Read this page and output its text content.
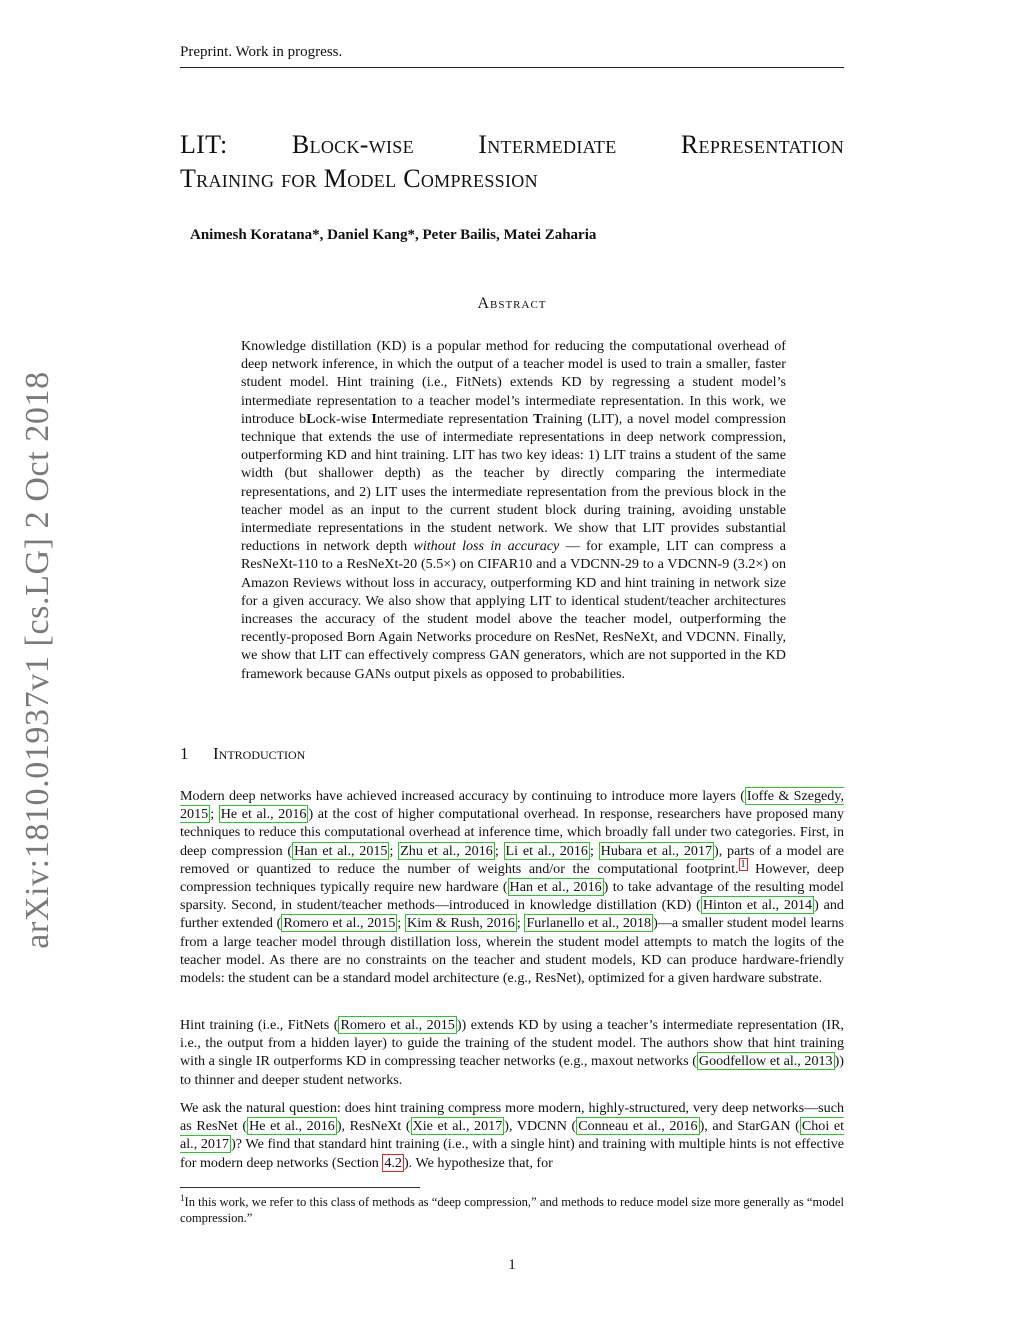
Preprint. Work in progress.
arXiv:1810.01937v1 [cs.LG] 2 Oct 2018
LIT: Block-wise Intermediate Representation
Training for Model Compression
Animesh Koratana*, Daniel Kang*, Peter Bailis, Matei Zaharia
Abstract
Knowledge distillation (KD) is a popular method for reducing the computational overhead of deep network inference, in which the output of a teacher model is used to train a smaller, faster student model. Hint training (i.e., FitNets) extends KD by regressing a student model’s intermediate representation to a teacher model’s intermediate representation. In this work, we introduce bLock-wise Intermediate representation Training (LIT), a novel model compression technique that extends the use of intermediate representations in deep network compression, outperforming KD and hint training. LIT has two key ideas: 1) LIT trains a student of the same width (but shallower depth) as the teacher by directly comparing the intermediate representations, and 2) LIT uses the intermediate representation from the previous block in the teacher model as an input to the current student block during training, avoiding unstable intermediate representations in the student network. We show that LIT provides substantial reductions in network depth without loss in accuracy — for example, LIT can compress a ResNeXt-110 to a ResNeXt-20 (5.5×) on CIFAR10 and a VDCNN-29 to a VDCNN-9 (3.2×) on Amazon Reviews without loss in accuracy, outperforming KD and hint training in network size for a given accuracy. We also show that applying LIT to identical student/teacher architectures increases the accuracy of the student model above the teacher model, outperforming the recently-proposed Born Again Networks procedure on ResNet, ResNeXt, and VDCNN. Finally, we show that LIT can effectively compress GAN generators, which are not supported in the KD framework because GANs output pixels as opposed to probabilities.
1 Introduction
Modern deep networks have achieved increased accuracy by continuing to introduce more layers ( Ioffe & Szegedy, 2015 ; He et al., 2016 ) at the cost of higher computational overhead. In response, researchers have proposed many techniques to reduce this computational overhead at inference time, which broadly fall under two categories. First, in deep compression ( Han et al., 2015 ; Zhu et al., 2016 ; Li et al., 2016 ; Hubara et al., 2017 ), parts of a model are removed or quantized to reduce the number of weights and/or the computational footprint. $^1$ However, deep compression techniques typically require new hardware ( Han et al., 2016 ) to take advantage of the resulting model sparsity. Second, in student/teacher methods—introduced in knowledge distillation (KD) ( Hinton et al., 2014 ) and further extended ( Romero et al., 2015 ; Kim & Rush, 2016 ; Furlanello et al., 2018 )—a smaller student model learns from a large teacher model through distillation loss, wherein the student model attempts to match the logits of the teacher model. As there are no constraints on the teacher and student models, KD can produce hardware-friendly models: the student can be a standard model architecture (e.g., ResNet), optimized for a given hardware substrate.
Hint training (i.e., FitNets ( Romero et al., 2015 )) extends KD by using a teacher’s intermediate representation (IR, i.e., the output from a hidden layer) to guide the training of the student model. The authors show that hint training with a single IR outperforms KD in compressing teacher networks (e.g., maxout networks ( Goodfellow et al., 2013 )) to thinner and deeper student networks.
We ask the natural question: does hint training compress more modern, highly-structured, very deep networks—such as ResNet ( He et al., 2016 ), ResNeXt ( Xie et al., 2017 ), VDCNN ( Conneau et al., 2016 ), and StarGAN ( Choi et al., 2017 )? We find that standard hint training (i.e., with a single hint) and training with multiple hints is not effective for modern deep networks (Section 4.2 ). We hypothesize that, for
$^1$In this work, we refer to this class of methods as “deep compression,” and methods to reduce model size more generally as “model compression.”
1
